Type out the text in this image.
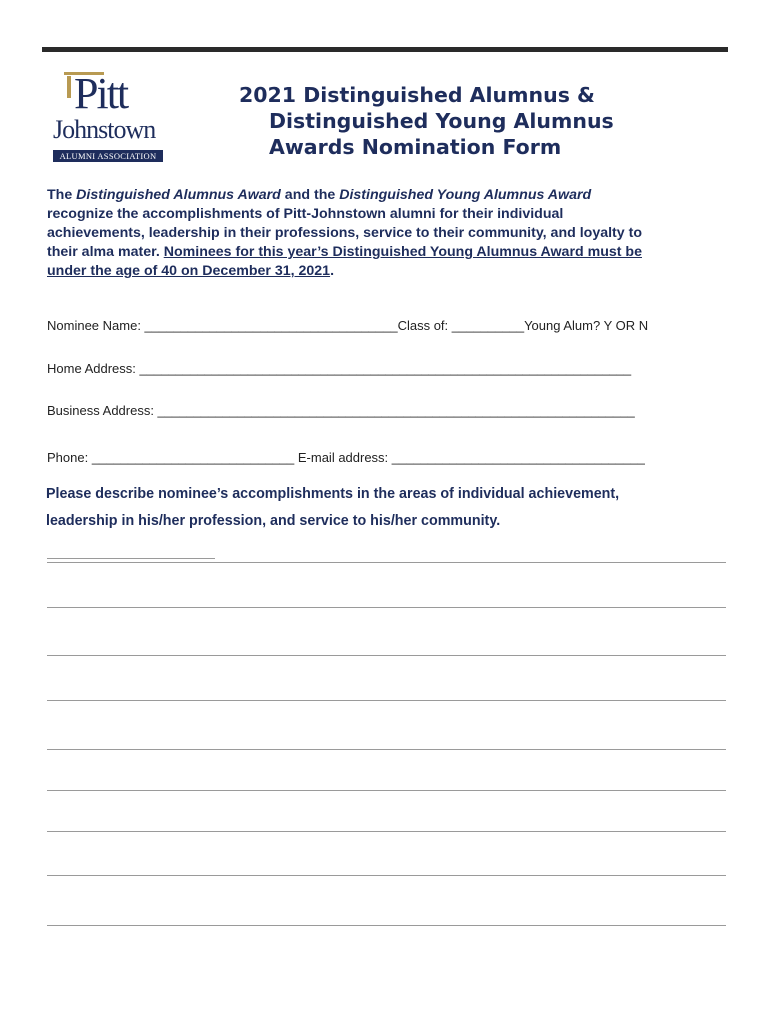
Pitt
Johnstown
ALUMNI ASSOCIATION
2021 Distinguished Alumnus &
Distinguished Young Alumnus
Awards Nomination Form

The Distinguished Alumnus Award and the Distinguished Young Alumnus Award
recognize the accomplishments of Pitt-Johnstown alumni for their individual
achievements, leadership in their professions, service to their community, and loyalty to
their alma mater. Nominees for this year’s Distinguished Young Alumnus Award must be
under the age of 40 on December 31, 2021.

Nominee Name: ___________________________________Class of: __________Young Alum? Y OR N
Home Address: ____________________________________________________________________
Business Address: __________________________________________________________________
Phone: ____________________________ E-mail address: ___________________________________
Please describe nominee’s accomplishments in the areas of individual achievement,
leadership in his/her profession, and service to his/her community.
